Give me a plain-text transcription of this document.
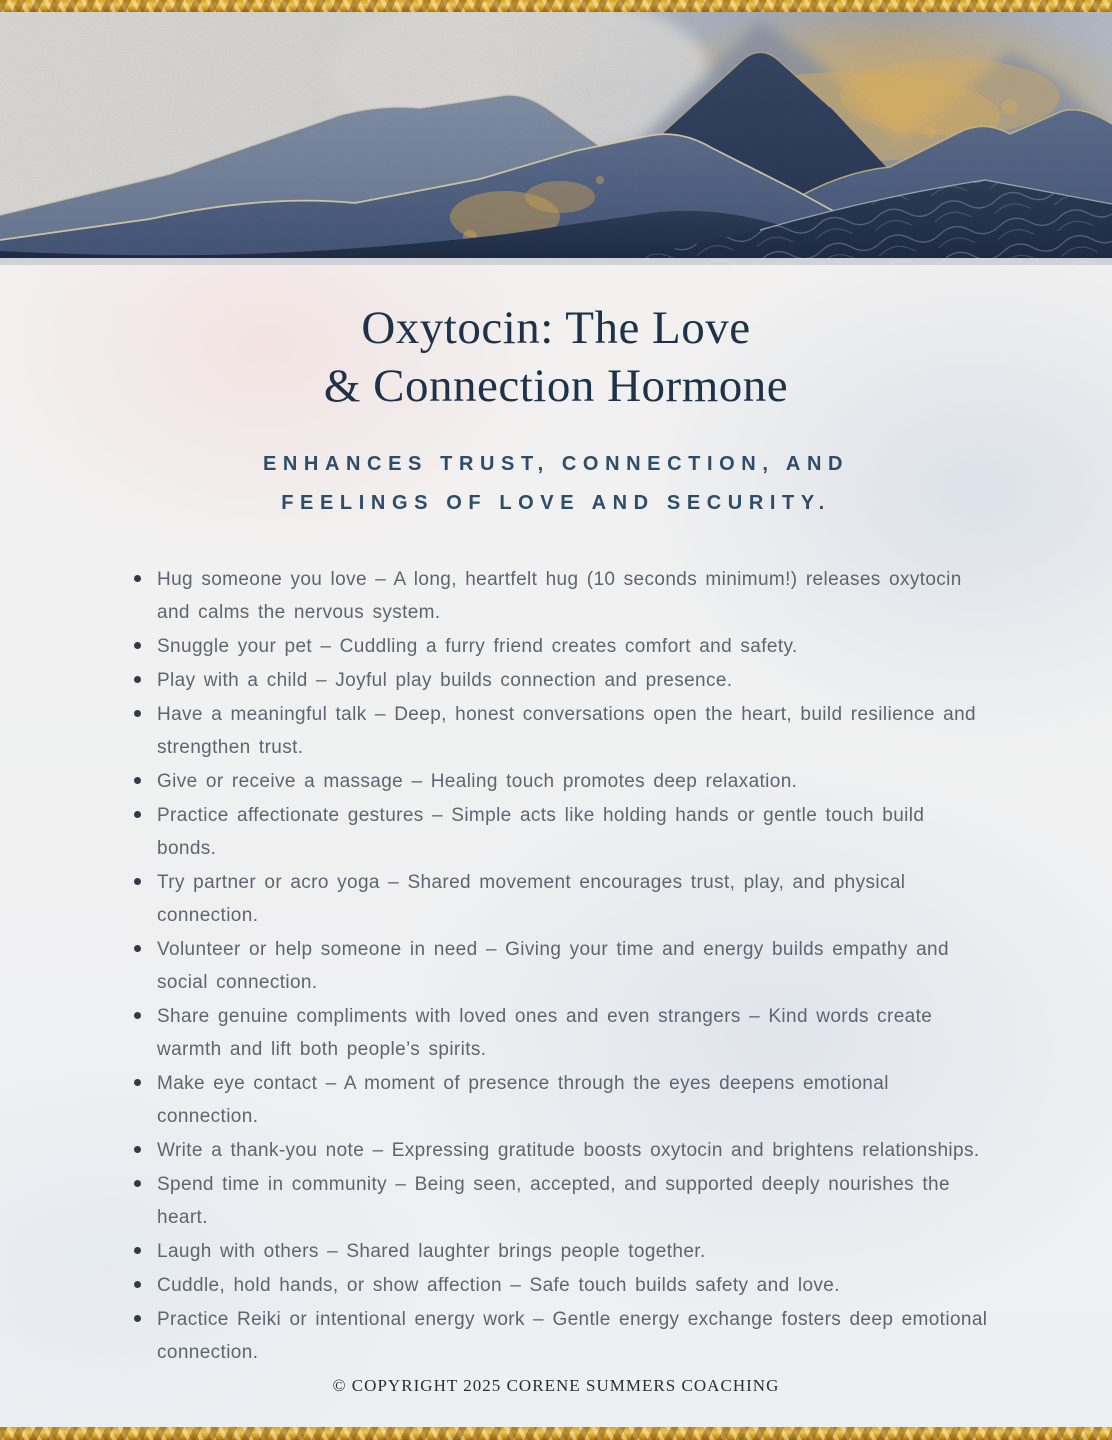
Oxytocin: The Love
& Connection Hormone

ENHANCES TRUST, CONNECTION, AND
FEELINGS OF LOVE AND SECURITY.

Hug someone you love – A long, heartfelt hug (10 seconds minimum!) releases oxytocin and calms the nervous system.
Snuggle your pet – Cuddling a furry friend creates comfort and safety.
Play with a child – Joyful play builds connection and presence.
Have a meaningful talk – Deep, honest conversations open the heart, build resilience and strengthen trust.
Give or receive a massage – Healing touch promotes deep relaxation.
Practice affectionate gestures – Simple acts like holding hands or gentle touch build bonds.
Try partner or acro yoga – Shared movement encourages trust, play, and physical connection.
Volunteer or help someone in need – Giving your time and energy builds empathy and social connection.
Share genuine compliments with loved ones and even strangers – Kind words create warmth and lift both people’s spirits.
Make eye contact – A moment of presence through the eyes deepens emotional connection.
Write a thank-you note – Expressing gratitude boosts oxytocin and brightens relationships.
Spend time in community – Being seen, accepted, and supported deeply nourishes the heart.
Laugh with others – Shared laughter brings people together.
Cuddle, hold hands, or show affection – Safe touch builds safety and love.
Practice Reiki or intentional energy work – Gentle energy exchange fosters deep emotional connection.
© COPYRIGHT 2025 CORENE SUMMERS COACHING
